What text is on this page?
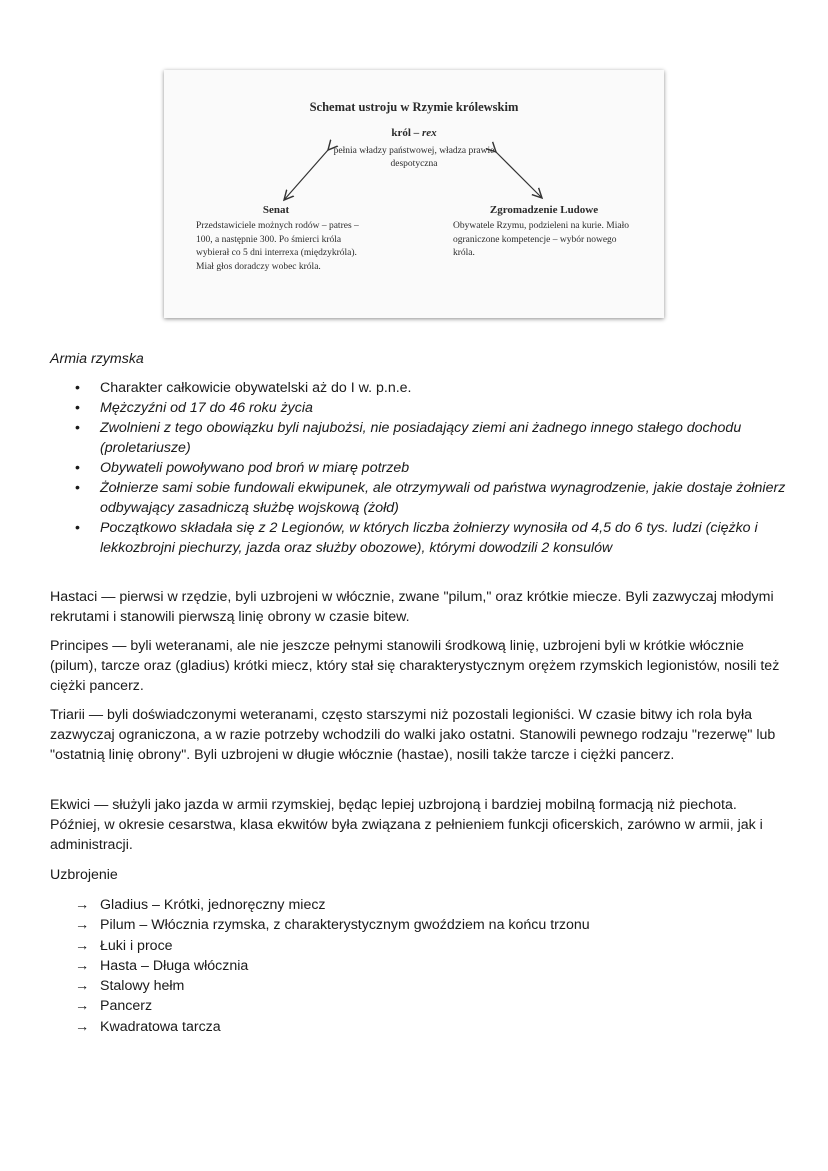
Schemat ustroju w Rzymie królewskim
król – rex
pełnia władzy państwowej, władza prawie despotyczna
Senat
Przedstawiciele możnych rodów – patres – 100, a następnie 300. Po śmierci króla wybierał co 5 dni interrexa (międzykróla). Miał głos doradczy wobec króla.
Zgromadzenie Ludowe
Obywatele Rzymu, podzieleni na kurie. Miało ograniczone kompetencje – wybór nowego króla.
Armia rzymska
• Charakter całkowicie obywatelski aż do I w. p.n.e.
• Mężczyźni od 17 do 46 roku życia
• Zwolnieni z tego obowiązku byli najubożsi, nie posiadający ziemi ani żadnego innego stałego dochodu (proletariusze)
• Obywateli powoływano pod broń w miarę potrzeb
• Żołnierze sami sobie fundowali ekwipunek, ale otrzymywali od państwa wynagrodzenie, jakie dostaje żołnierz odbywający zasadniczą służbę wojskową (żołd)
• Początkowo składała się z 2 Legionów, w których liczba żołnierzy wynosiła od 4,5 do 6 tys. ludzi (ciężko i lekkozbrojni piechurzy, jazda oraz służby obozowe), którymi dowodzili 2 konsulów
Hastaci — pierwsi w rzędzie, byli uzbrojeni w włócznie, zwane "pilum," oraz krótkie miecze. Byli zazwyczaj młodymi rekrutami i stanowili pierwszą linię obrony w czasie bitew.
Principes — byli weteranami, ale nie jeszcze pełnymi stanowili środkową linię, uzbrojeni byli w krótkie włócznie (pilum), tarcze oraz (gladius) krótki miecz, który stał się charakterystycznym orężem rzymskich legionistów, nosili też ciężki pancerz.
Triarii — byli doświadczonymi weteranami, często starszymi niż pozostali legioniści. W czasie bitwy ich rola była zazwyczaj ograniczona, a w razie potrzeby wchodzili do walki jako ostatni. Stanowili pewnego rodzaju "rezerwę" lub "ostatnią linię obrony". Byli uzbrojeni w długie włócznie (hastae), nosili także tarcze i ciężki pancerz.
Ekwici — służyli jako jazda w armii rzymskiej, będąc lepiej uzbrojoną i bardziej mobilną formacją niż piechota. Później, w okresie cesarstwa, klasa ekwitów była związana z pełnieniem funkcji oficerskich, zarówno w armii, jak i administracji.
Uzbrojenie
→ Gladius – Krótki, jednoręczny miecz
→ Pilum – Włócznia rzymska, z charakterystycznym gwoździem na końcu trzonu
→ Łuki i proce
→ Hasta – Długa włócznia
→ Stalowy hełm
→ Pancerz
→ Kwadratowa tarcza
